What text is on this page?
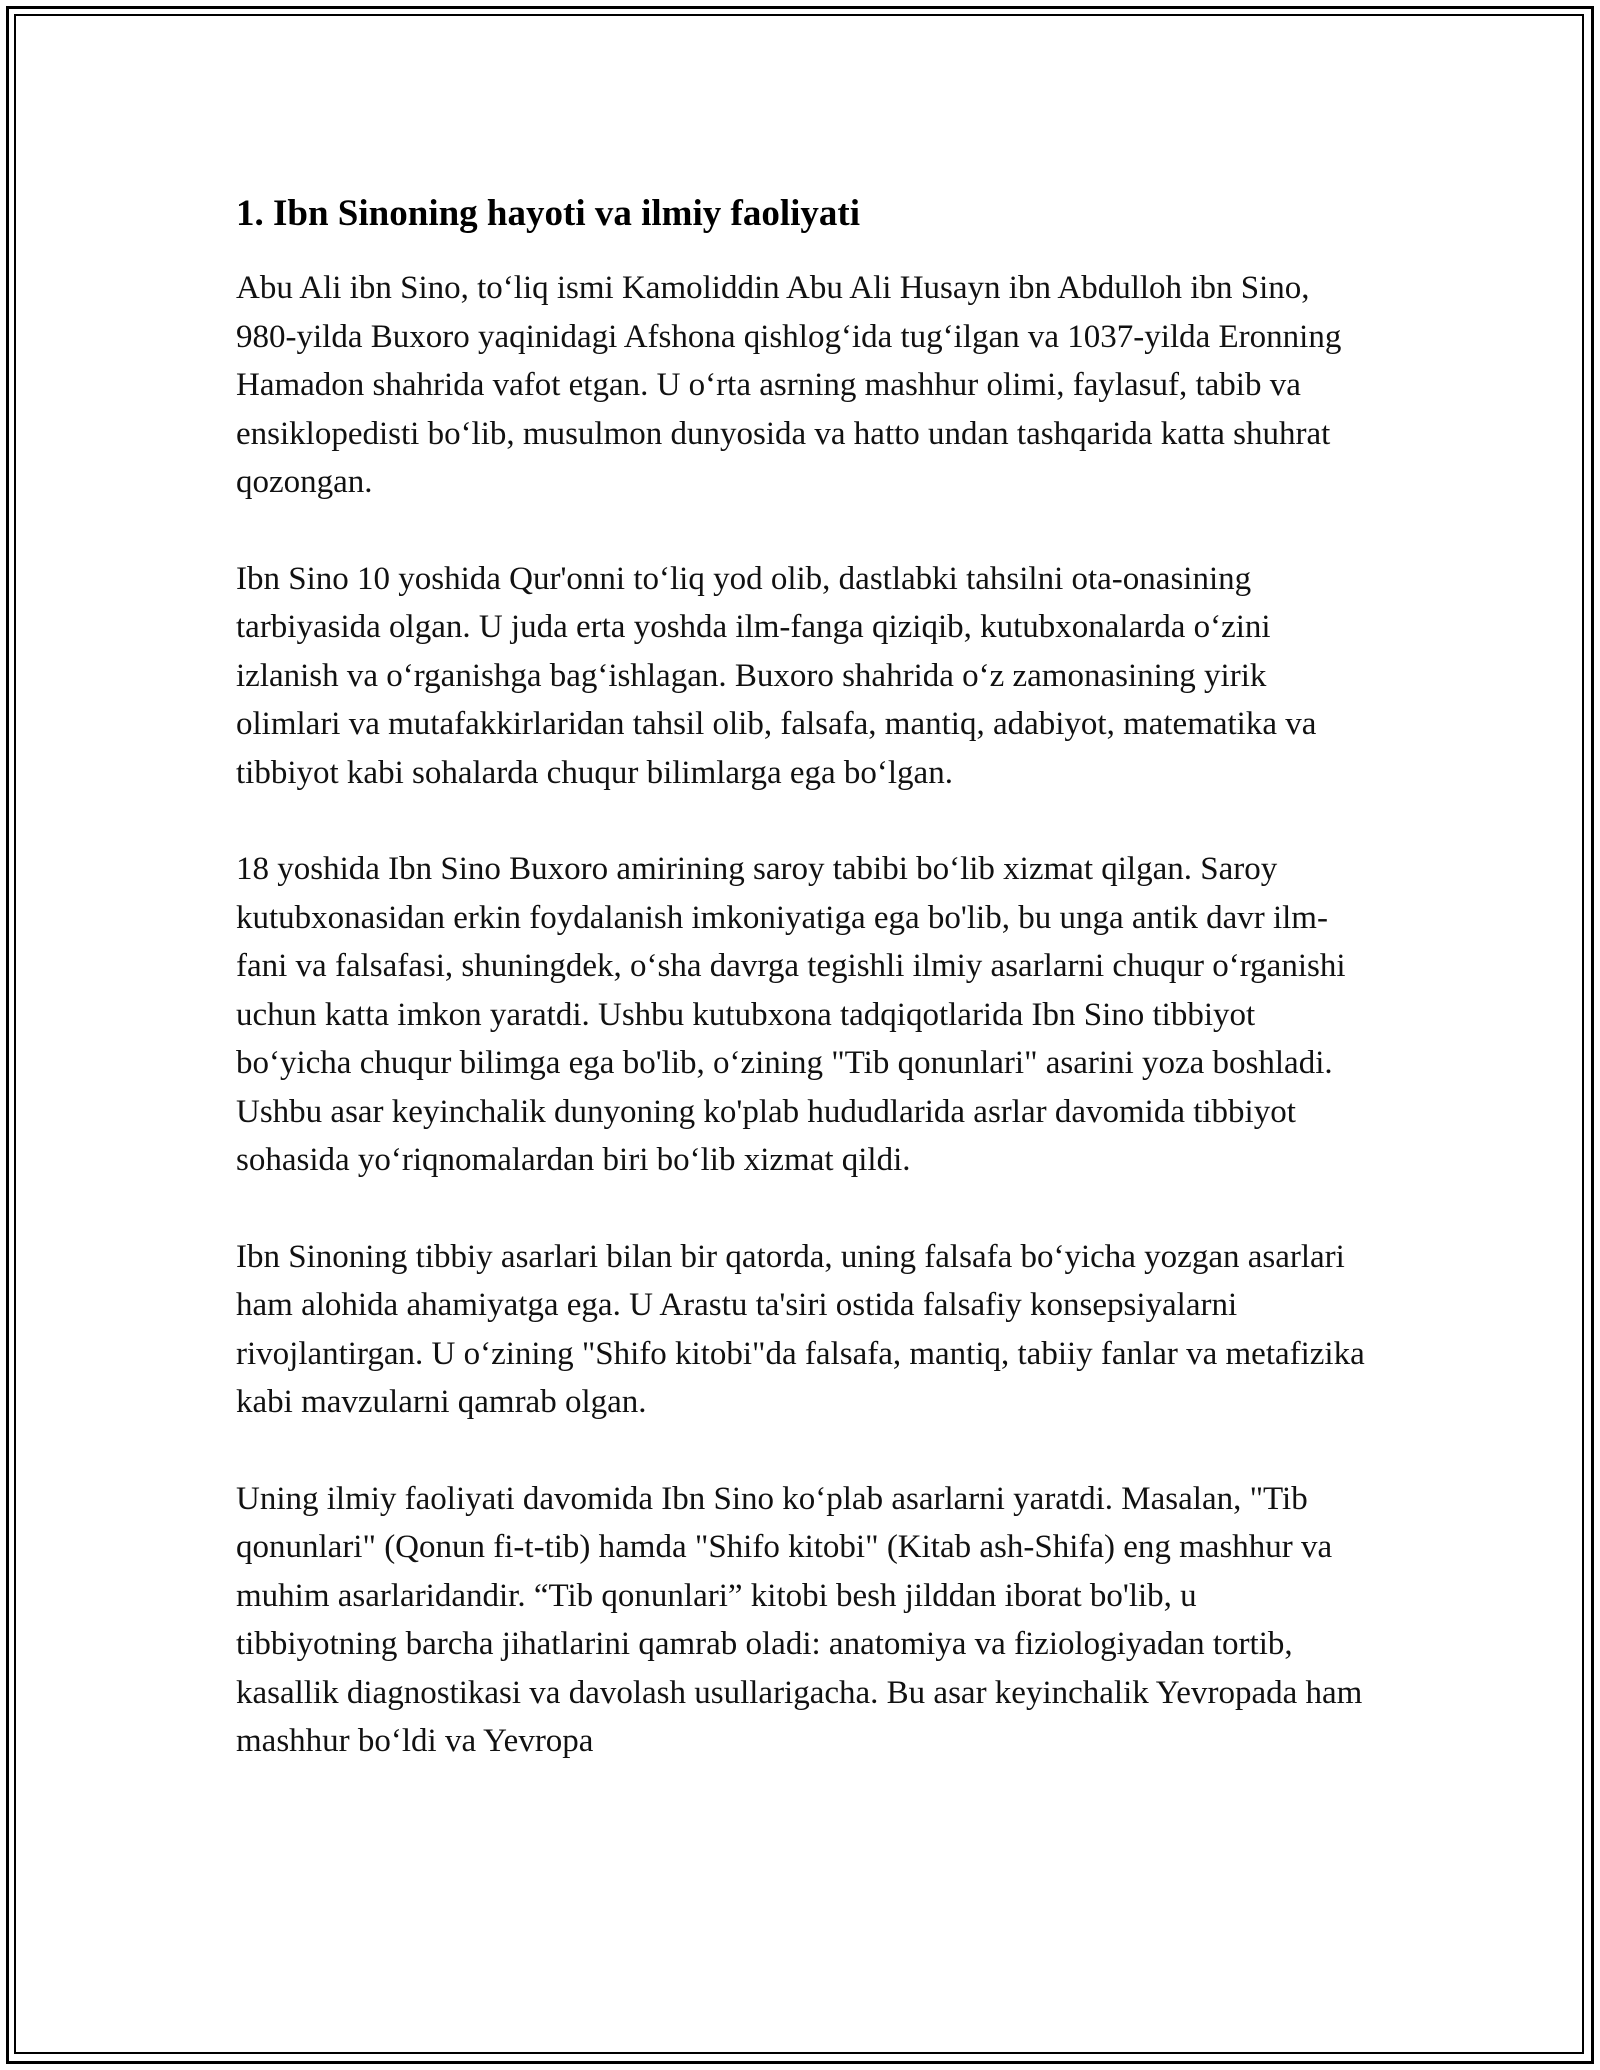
1. Ibn Sinoning hayoti va ilmiy faoliyati

Abu Ali ibn Sino, to‘liq ismi Kamoliddin Abu Ali Husayn ibn Abdulloh ibn Sino, 980-yilda Buxoro yaqinidagi Afshona qishlog‘ida tug‘ilgan va 1037-yilda Eronning Hamadon shahrida vafot etgan. U o‘rta asrning mashhur olimi, faylasuf, tabib va ensiklopedisti bo‘lib, musulmon dunyosida va hatto undan tashqarida katta shuhrat qozongan.

Ibn Sino 10 yoshida Qur'onni to‘liq yod olib, dastlabki tahsilni ota-onasining tarbiyasida olgan. U juda erta yoshda ilm-fanga qiziqib, kutubxonalarda o‘zini izlanish va o‘rganishga bag‘ishlagan. Buxoro shahrida o‘z zamonasining yirik olimlari va mutafakkirlaridan tahsil olib, falsafa, mantiq, adabiyot, matematika va tibbiyot kabi sohalarda chuqur bilimlarga ega bo‘lgan.

18 yoshida Ibn Sino Buxoro amirining saroy tabibi bo‘lib xizmat qilgan. Saroy kutubxonasidan erkin foydalanish imkoniyatiga ega bo'lib, bu unga antik davr ilm-fani va falsafasi, shuningdek, o‘sha davrga tegishli ilmiy asarlarni chuqur o‘rganishi uchun katta imkon yaratdi. Ushbu kutubxona tadqiqotlarida Ibn Sino tibbiyot bo‘yicha chuqur bilimga ega bo'lib, o‘zining "Tib qonunlari" asarini yoza boshladi. Ushbu asar keyinchalik dunyoning ko'plab hududlarida asrlar davomida tibbiyot sohasida yo‘riqnomalardan biri bo‘lib xizmat qildi.

Ibn Sinoning tibbiy asarlari bilan bir qatorda, uning falsafa bo‘yicha yozgan asarlari ham alohida ahamiyatga ega. U Arastu ta'siri ostida falsafiy konsepsiyalarni rivojlantirgan. U o‘zining "Shifo kitobi"da falsafa, mantiq, tabiiy fanlar va metafizika kabi mavzularni qamrab olgan.

Uning ilmiy faoliyati davomida Ibn Sino ko‘plab asarlarni yaratdi. Masalan, "Tib qonunlari" (Qonun fi-t-tib) hamda "Shifo kitobi" (Kitab ash-Shifa) eng mashhur va muhim asarlaridandir. “Tib qonunlari” kitobi besh jilddan iborat bo'lib, u tibbiyotning barcha jihatlarini qamrab oladi: anatomiya va fiziologiyadan tortib, kasallik diagnostikasi va davolash usullarigacha. Bu asar keyinchalik Yevropada ham mashhur bo‘ldi va Yevropa
